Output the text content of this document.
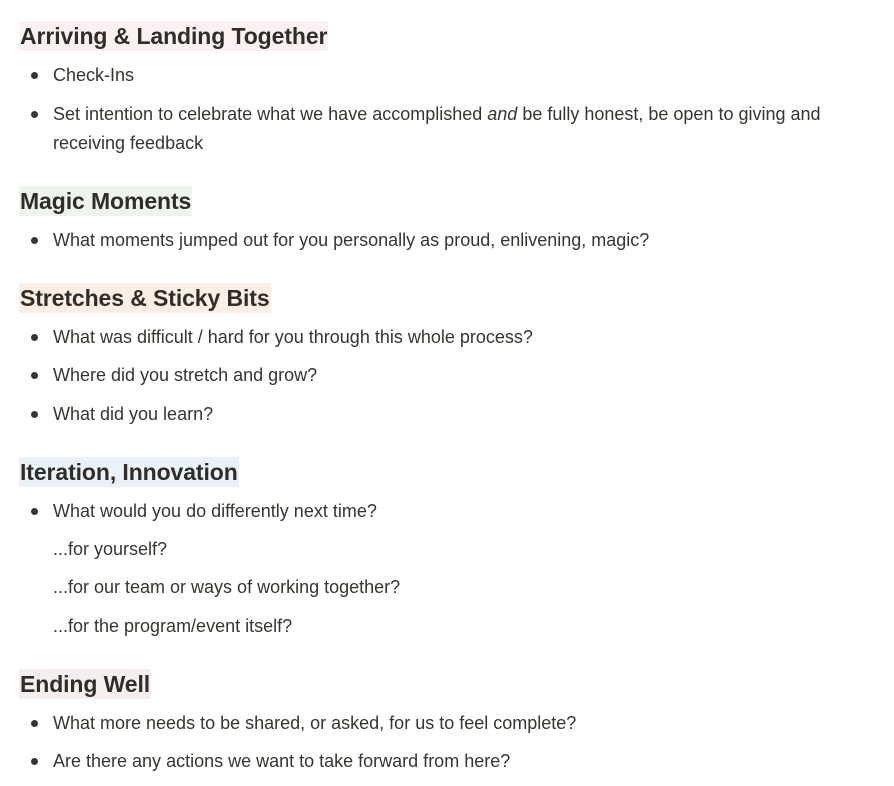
Arriving & Landing Together
Check-Ins
Set intention to celebrate what we have accomplished and be fully honest, be open to giving and receiving feedback
Magic Moments
What moments jumped out for you personally as proud, enlivening, magic?
Stretches & Sticky Bits
What was difficult / hard for you through this whole process?
Where did you stretch and grow?
What did you learn?
Iteration, Innovation
What would you do differently next time?
...for yourself?
...for our team or ways of working together?
...for the program/event itself?
Ending Well
What more needs to be shared, or asked, for us to feel complete?
Are there any actions we want to take forward from here?
